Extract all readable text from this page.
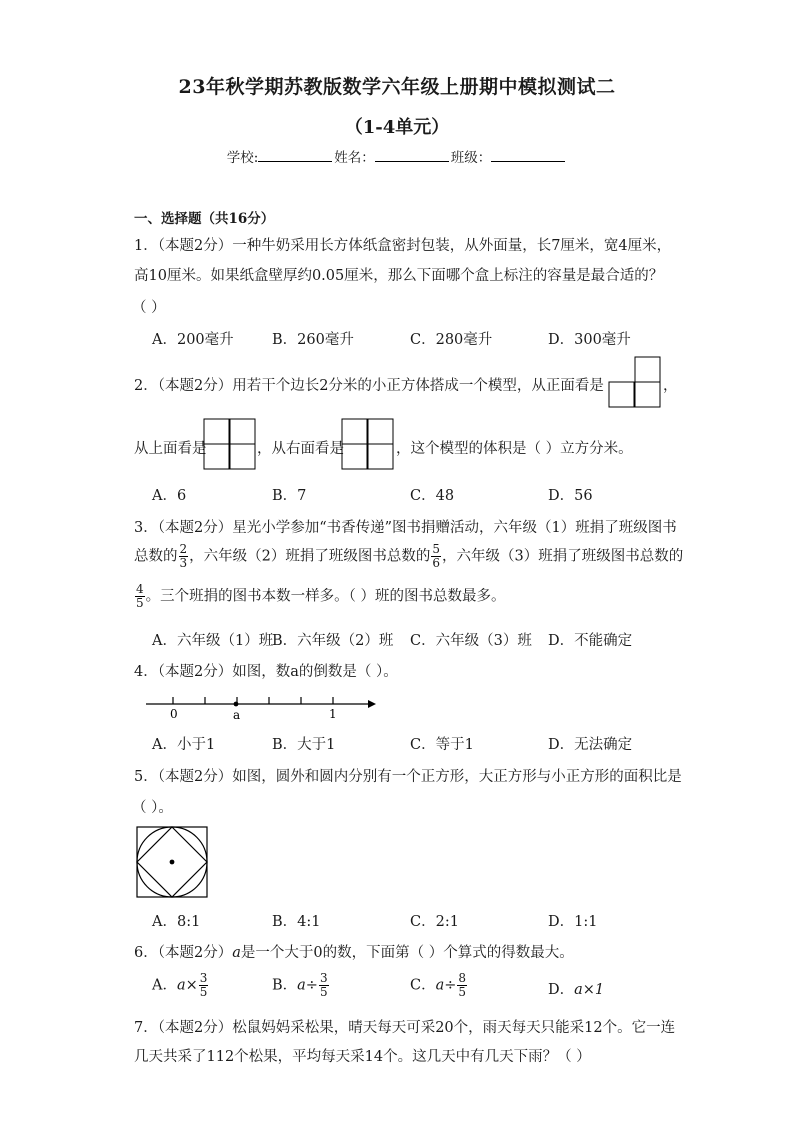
23年秋学期苏教版数学六年级上册期中模拟测试二
（1-4单元）
学校:	姓名：	班级：
一、选择题（共16分）
1．（本题2分）一种牛奶采用长方体纸盒密封包装，从外面量，长7厘米，宽4厘米，
高10厘米。如果纸盒壁厚约0.05厘米，那么下面哪个盒上标注的容量是最合适的？
（ ）
A．200毫升	B．260毫升	C．280毫升	D．300毫升
2．（本题2分）用若干个边长2分米的小正方体搭成一个模型，从正面看是	，
从上面看是	，从右面看是	，这个模型的体积是（ ）立方分米。
A．6	B．7	C．48	D．56
3．（本题2分）星光小学参加“书香传递”图书捐赠活动，六年级（1）班捐了班级图书
总数的 $\frac{2}{3}$ ，六年级（2）班捐了班级图书总数的 $\frac{5}{6}$ ，六年级（3）班捐了班级图书总数的
$\frac{4}{5}$ 。三个班捐的图书本数一样多。（ ）班的图书总数最多。
A．六年级（1）班
B．六年级（2）班 C．六年级（3）班 D．不能确定
4．（本题2分）如图，数a的倒数是（ ）。
0	a	1
A．小于1	B．大于1	C．等于1	D．无法确定
5．（本题2分）如图，圆外和圆内分别有一个正方形，大正方形与小正方形的面积比是
（ ）。
A．8:1	B．4:1	C．2:1	D．1:1
6．（本题2分）a是一个大于0的数，下面第（ ）个算式的得数最大。
A．$a\times \frac{3}{5}$	B．$a\div \frac{3}{5}$	C．$a\div \frac{8}{5}$	D．a×1
7．（本题2分）松鼠妈妈采松果，晴天每天可采20个，雨天每天只能采12个。它一连
几天共采了112个松果，平均每天采14个。这几天中有几天下雨？（ ）
